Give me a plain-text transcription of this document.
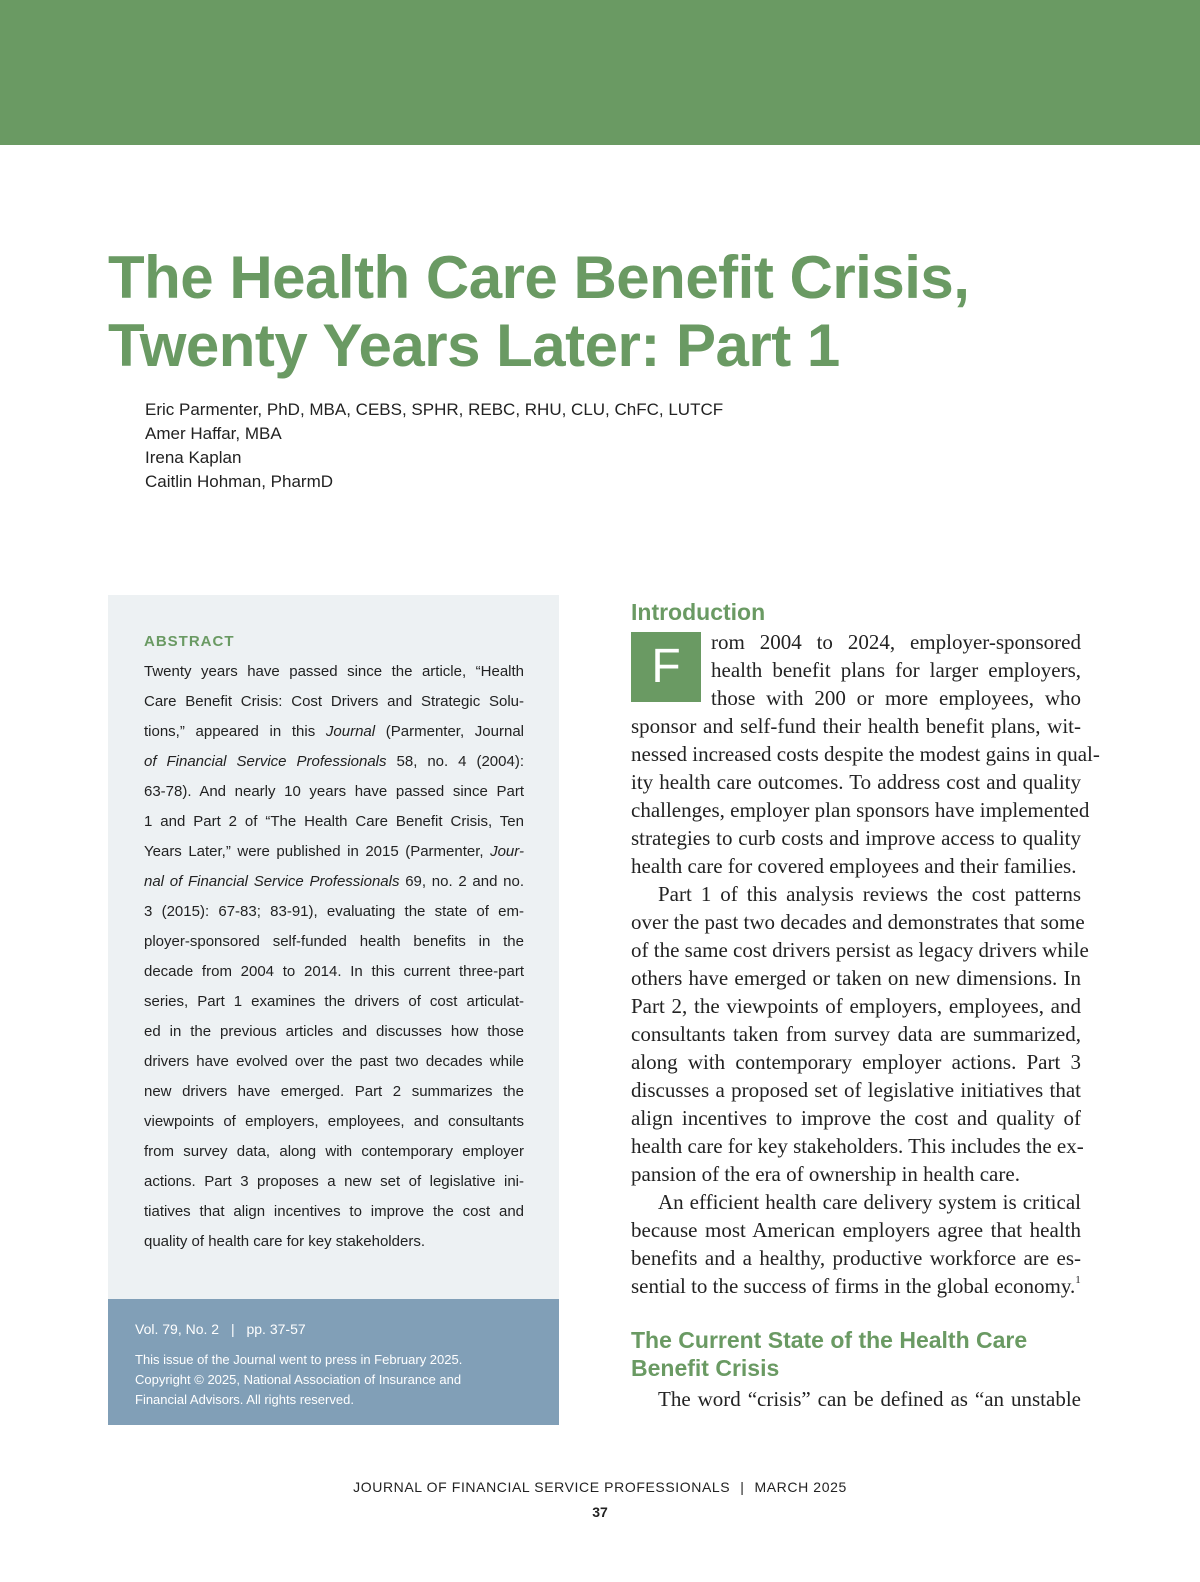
The Health Care Benefit Crisis,
Twenty Years Later: Part 1
Eric Parmenter, PhD, MBA, CEBS, SPHR, REBC, RHU, CLU, ChFC, LUTCF
Amer Haffar, MBA
Irena Kaplan
Caitlin Hohman, PharmD
ABSTRACT
Twenty years have passed since the article, “Health
Care Benefit Crisis: Cost Drivers and Strategic Solu-
tions,” appeared in this Journal (Parmenter, Journal
of Financial Service Professionals 58, no. 4 (2004):
63-78). And nearly 10 years have passed since Part
1 and Part 2 of “The Health Care Benefit Crisis, Ten
Years Later,” were published in 2015 (Parmenter, Jour-
nal of Financial Service Professionals 69, no. 2 and no.
3 (2015): 67-83; 83-91), evaluating the state of em-
ployer-sponsored self-funded health benefits in the
decade from 2004 to 2014. In this current three-part
series, Part 1 examines the drivers of cost articulat-
ed in the previous articles and discusses how those
drivers have evolved over the past two decades while
new drivers have emerged. Part 2 summarizes the
viewpoints of employers, employees, and consultants
from survey data, along with contemporary employer
actions. Part 3 proposes a new set of legislative ini-
tiatives that align incentives to improve the cost and
quality of health care for key stakeholders.
Vol. 79, No. 2 | pp. 37-57
This issue of the Journal went to press in February 2025.
Copyright © 2025, National Association of Insurance and
Financial Advisors. All rights reserved.
Introduction
F	rom 2004 to 2024, employer-sponsored
health benefit plans for larger employers,
those with 200 or more employees, who
sponsor and self-fund their health benefit plans, wit-
nessed increased costs despite the modest gains in qual-
ity health care outcomes. To address cost and quality
challenges, employer plan sponsors have implemented
strategies to curb costs and improve access to quality
health care for covered employees and their families.
Part 1 of this analysis reviews the cost patterns
over the past two decades and demonstrates that some
of the same cost drivers persist as legacy drivers while
others have emerged or taken on new dimensions. In
Part 2, the viewpoints of employers, employees, and
consultants taken from survey data are summarized,
along with contemporary employer actions. Part 3
discusses a proposed set of legislative initiatives that
align incentives to improve the cost and quality of
health care for key stakeholders. This includes the ex-
pansion of the era of ownership in health care.
An efficient health care delivery system is critical
because most American employers agree that health
benefits and a healthy, productive workforce are es-
sential to the success of firms in the global economy.$^1$
The Current State of the Health Care
Benefit Crisis
The word “crisis” can be defined as “an unstable
JOURNAL OF FINANCIAL SERVICE PROFESSIONALS | MARCH 2025
37
